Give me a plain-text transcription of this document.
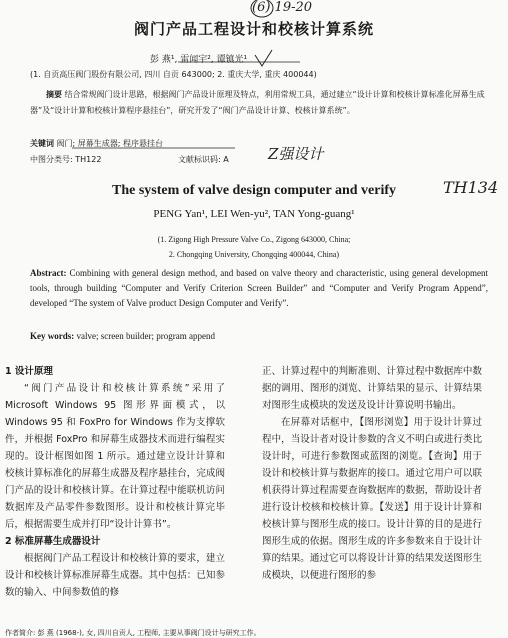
(6) 19-20
Z强设计
TH134
阀门产品工程设计和校核计算系统
彭 燕¹, 雷闻宇², 谭镇光¹
(1. 自贡高压阀门股份有限公司, 四川 自贡 643000; 2. 重庆大学, 重庆 400044)
摘要 结合常规阀门设计思路，根据阀门产品设计原理及特点，利用常规工具，通过建立“设计计算和校核计算标准化屏幕生成器”及“设计计算和校核计算程序悬挂台”，研究开发了“阀门产品设计计算、校核计算系统”。
关键词 阀门; 屏幕生成器; 程序悬挂台
中图分类号: TH122	文献标识码: A
The system of valve design computer and verify
PENG Yan¹, LEI Wen-yu², TAN Yong-guang¹
(1. Zigong High Pressure Valve Co., Zigong 643000, China;
2. Chongqing University, Chongqing 400044, China)
Abstract: Combining with general design method, and based on valve theory and characteristic, using general development tools, through building “Computer and Verify Criterion Screen Builder” and “Computer and Verify Program Append”, developed “The system of Valve product Design Computer and Verify”.
Key words: valve; screen builder; program append
1 设计原理

“阀门产品设计和校核计算系统”采用了 Microsoft Windows 95 图形界面模式，以 Windows 95 和 FoxPro for Windows 作为支撑软件，并根据 FoxPro 和屏幕生成器技术而进行编程实现的。设计框图如图 1 所示。通过建立设计计算和校核计算标准化的屏幕生成器及程序悬挂台，完成阀门产品的设计和校核计算。在计算过程中能联机访问数据库及产品零件参数图形。设计和校核计算完毕后，根据需要生成并打印“设计计算书”。

2 标准屏幕生成器设计

根据阀门产品工程设计和校核计算的要求，建立设计和校核计算标准屏幕生成器。其中包括：已知参数的输入、中间参数值的修

正、计算过程中的判断准则、计算过程中数据库中数据的调用、图形的浏览、计算结果的显示、计算结果对图形生成模块的发送及设计计算说明书输出。

在屏幕对话框中，【图形浏览】用于设计计算过程中，当设计者对设计参数的含义不明白或进行类比设计时，可进行参数图或蓝图的浏览。【查询】用于设计和校核计算与数据库的接口。通过它用户可以联机获得计算过程需要查询数据库的数据，帮助设计者进行设计校核和校核计算。【发送】用于设计计算和校核计算与图形生成的接口。设计计算的目的是进行图形生成的依据。图形生成的许多参数来自于设计计算的结果。通过它可以将设计计算的结果发送图形生成模块，以便进行图形的参

作者简介: 彭 燕 (1968-), 女, 四川自贡人, 工程师, 主要从事阀门设计与研究工作。
